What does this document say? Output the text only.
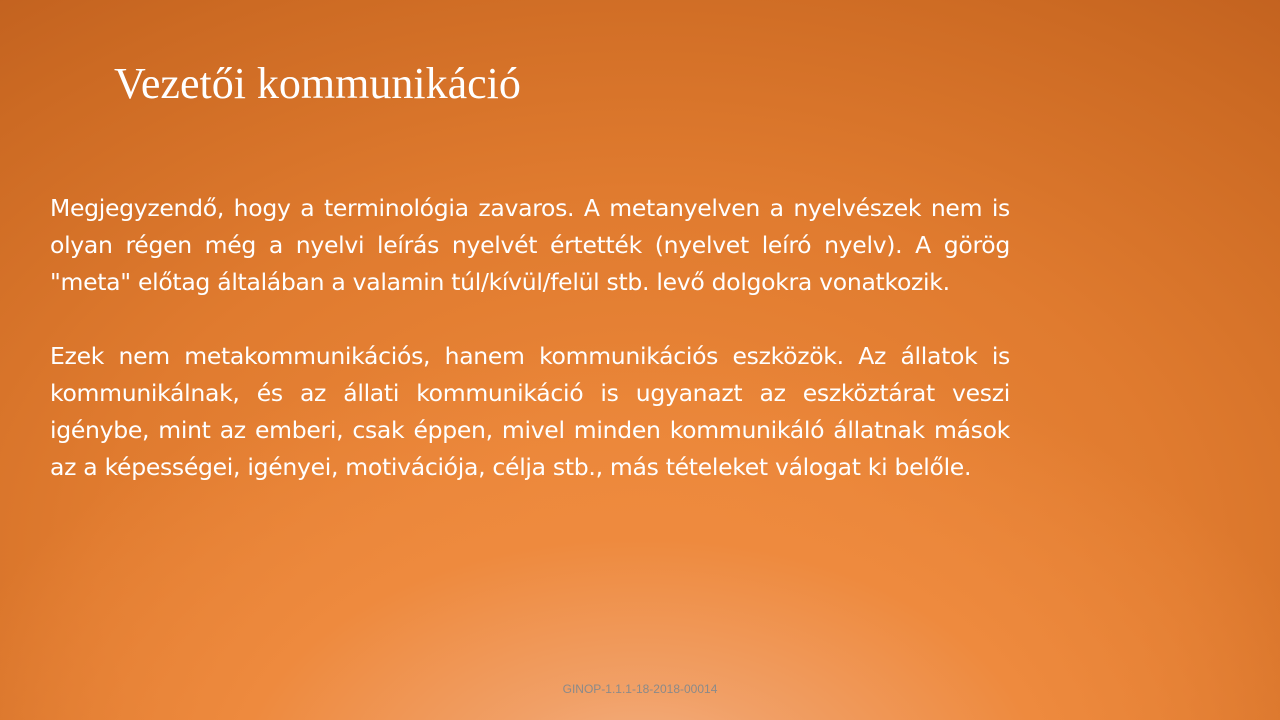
Vezetői kommunikáció

Megjegyzendő, hogy a terminológia zavaros. A metanyelven a nyelvészek nem is olyan régen még a nyelvi leírás nyelvét értették (nyelvet leíró nyelv). A görög "meta" előtag általában a valamin túl/kívül/felül stb. levő dolgokra vonatkozik.

Ezek nem metakommunikációs, hanem kommunikációs eszközök. Az állatok is kommunikálnak, és az állati kommunikáció is ugyanazt az eszköztárat veszi igénybe, mint az emberi, csak éppen, mivel minden kommunikáló állatnak mások az a képességei, igényei, motivációja, célja stb., más tételeket válogat ki belőle.

GINOP-1.1.1-18-2018-00014
